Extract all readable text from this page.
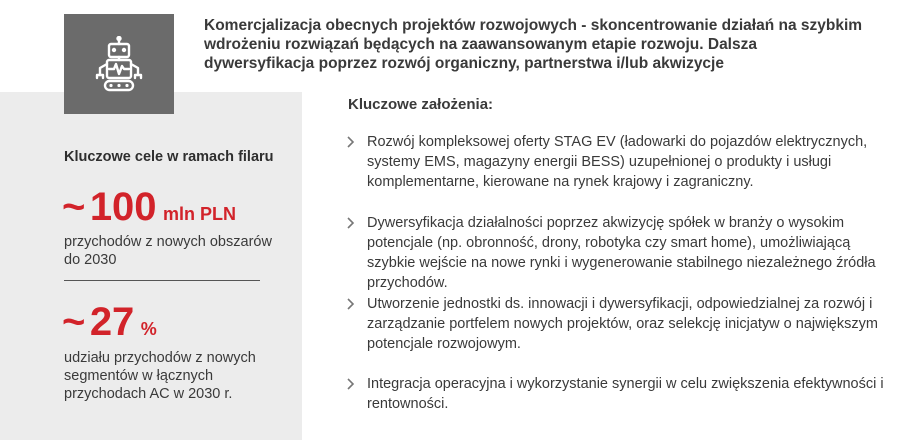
Komercjalizacja obecnych projektów rozwojowych - skoncentrowanie działań na szybkim wdrożeniu rozwiązań będących na zaawansowanym etapie rozwoju. Dalsza dywersyfikacja poprzez rozwój organiczny, partnerstwa i/lub akwizycje
Kluczowe cele w ramach filaru
~ 100 mln PLN
przychodów z nowych obszarów do 2030
~ 27 %
udziału przychodów z nowych segmentów w łącznych przychodach AC w 2030 r.
Kluczowe założenia:
Rozwój kompleksowej oferty STAG EV (ładowarki do pojazdów elektrycznych, systemy EMS, magazyny energii BESS) uzupełnionej o produkty i usługi komplementarne, kierowane na rynek krajowy i zagraniczny.
Dywersyfikacja działalności poprzez akwizycję spółek w branży o wysokim potencjale (np. obronność, drony, robotyka czy smart home), umożliwiającą szybkie wejście na nowe rynki i wygenerowanie stabilnego niezależnego źródła przychodów.
Utworzenie jednostki ds. innowacji i dywersyfikacji, odpowiedzialnej za rozwój i zarządzanie portfelem nowych projektów, oraz selekcję inicjatyw o największym potencjale rozwojowym.
Integracja operacyjna i wykorzystanie synergii w celu zwiększenia efektywności i rentowności.
